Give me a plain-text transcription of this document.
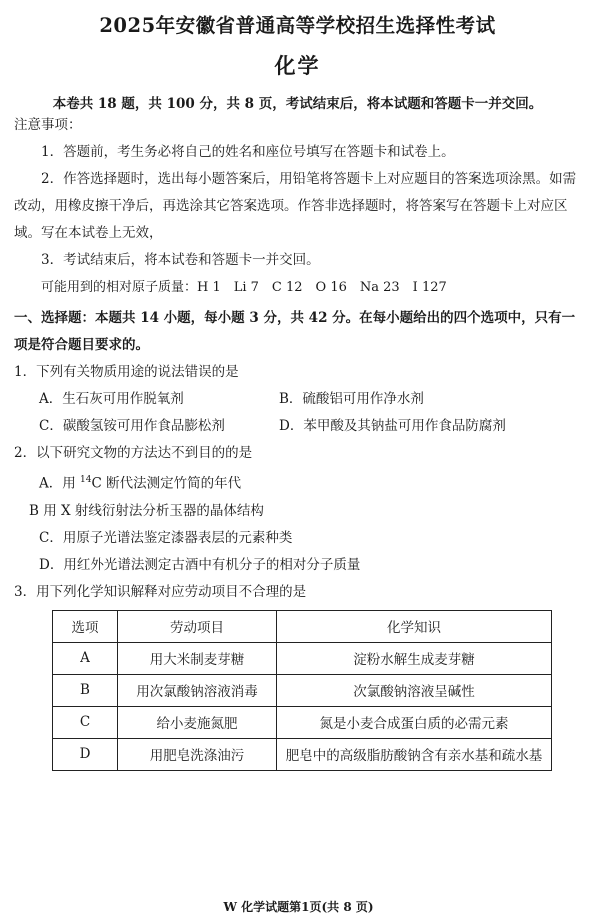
2025年安徽省普通高等学校招生选择性考试
化学
本卷共 18 题，共 100 分，共 8 页，考试结束后，将本试题和答题卡一并交回。

注意事项：

1．答题前，考生务必将自己的姓名和座位号填写在答题卡和试卷上。

2．作答选择题时，选出每小题答案后，用铅笔将答题卡上对应题目的答案选项涂黑。如需改动，用橡皮擦干净后，再选涂其它答案选项。作答非选择题时，将答案写在答题卡上对应区域。写在本试卷上无效，

3．考试结束后，将本试卷和答题卡一并交回。

可能用到的相对原子质量：H 1　Li 7　C 12　O 16　Na 23　I 127

一、选择题：本题共 14 小题，每小题 3 分，共 42 分。在每小题给出的四个选项中，只有一项是符合题目要求的。

1．下列有关物质用途的说法错误的是

A．生石灰可用作脱氧剂	B．硫酸铝可用作净水剂
C．碳酸氢铵可用作食品膨松剂	D．苯甲酸及其钠盐可用作食品防腐剂

2．以下研究文物的方法达不到目的的是

A．用 $^{14}$C 断代法测定竹简的年代

B 用 X 射线衍射法分析玉器的晶体结构

C．用原子光谱法鉴定漆器表层的元素种类

D．用红外光谱法测定古酒中有机分子的相对分子质量

3．用下列化学知识解释对应劳动项目不合理的是

选项	劳动项目	化学知识
A	用大米制麦芽糖	淀粉水解生成麦芽糖
B	用次氯酸钠溶液消毒	次氯酸钠溶液呈碱性
C	给小麦施氮肥	氮是小麦合成蛋白质的必需元素
D	用肥皂洗涤油污	肥皂中的高级脂肪酸钠含有亲水基和疏水基
W 化学试题第1页(共 8 页)
